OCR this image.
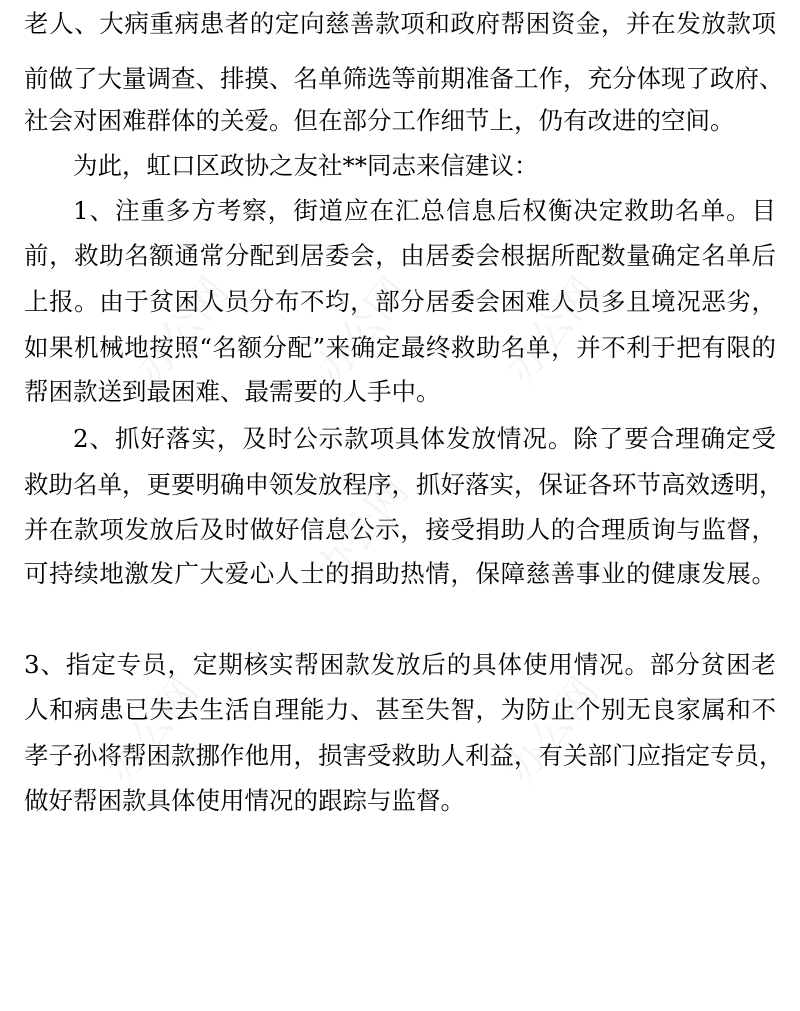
老人、大病重病患者的定向慈善款项和政府帮困资金，并在发放款项
前做了大量调查、排摸、名单筛选等前期准备工作，充分体现了政府、
社会对困难群体的关爱。但在部分工作细节上，仍有改进的空间。
为此，虹口区政协之友社**同志来信建议：
1、注重多方考察，街道应在汇总信息后权衡决定救助名单。目
前，救助名额通常分配到居委会，由居委会根据所配数量确定名单后
上报。由于贫困人员分布不均，部分居委会困难人员多且境况恶劣，
如果机械地按照“名额分配”来确定最终救助名单，并不利于把有限的
帮困款送到最困难、最需要的人手中。
2、抓好落实，及时公示款项具体发放情况。除了要合理确定受
救助名单，更要明确申领发放程序，抓好落实，保证各环节高效透明，
并在款项发放后及时做好信息公示，接受捐助人的合理质询与监督，
可持续地激发广大爱心人士的捐助热情，保障慈善事业的健康发展。
3、指定专员，定期核实帮困款发放后的具体使用情况。部分贫困老
人和病患已失去生活自理能力、甚至失智，为防止个别无良家属和不
孝子孙将帮困款挪作他用，损害受救助人利益，有关部门应指定专员，
做好帮困款具体使用情况的跟踪与监督。
